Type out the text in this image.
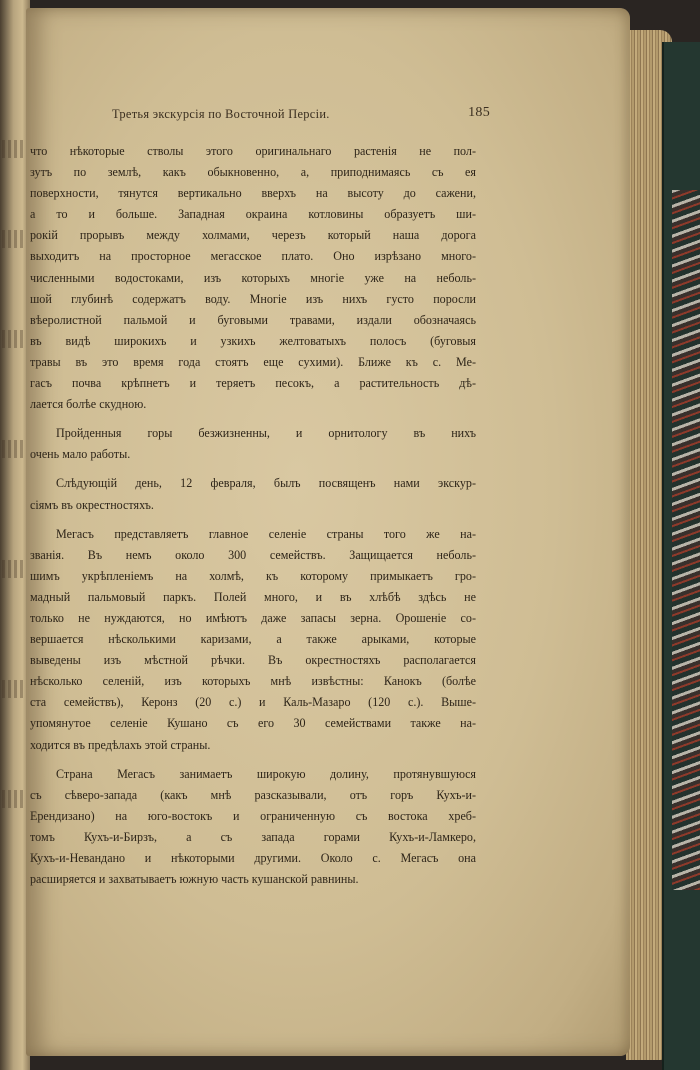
Третья экскурсія по Восточной Персіи.	185

что нѣкоторые стволы этого оригинальнаго растенія не пол-

зутъ по землѣ, какъ обыкновенно, а, приподнимаясь съ ея

поверхности, тянутся вертикально вверхъ на высоту до сажени,

а то и больше. Западная окраина котловины образуетъ ши-

рокій прорывъ между холмами, черезъ который наша дорога

выходитъ на просторное мегасское плато. Оно изрѣзано много-

численными водостоками, изъ которыхъ многіе уже на неболь-

шой глубинѣ содержатъ воду. Многіе изъ нихъ густо поросли

вѣеролистной пальмой и буговыми травами, издали обозначаясь

въ видѣ широкихъ и узкихъ желтоватыхъ полосъ (буговыя

травы въ это время года стоятъ еще сухими). Ближе къ с. Ме-

гасъ почва крѣпнетъ и теряетъ песокъ, а растительность дѣ-

лается болѣе скудною.

Пройденныя горы безжизненны, и орнитологу въ нихъ

очень мало работы.

Слѣдующій день, 12 февраля, былъ посвященъ нами экскур-

сіямъ въ окрестностяхъ.

Мегасъ представляетъ главное селеніе страны того же на-

званія. Въ немъ около 300 семействъ. Защищается неболь-

шимъ укрѣпленіемъ на холмѣ, къ которому примыкаетъ гро-

мадный пальмовый паркъ. Полей много, и въ хлѣбѣ здѣсь не

только не нуждаются, но имѣютъ даже запасы зерна. Орошеніе со-

вершается нѣсколькими каризами, а также арыками, которые

выведены изъ мѣстной рѣчки. Въ окрестностяхъ располагается

нѣсколько селеній, изъ которыхъ мнѣ извѣстны: Канокъ (болѣе

ста семействъ), Керонз (20 с.) и Каль-Мазаро (120 с.). Выше-

упомянутое селеніе Кушано съ его 30 семействами также на-

ходится въ предѣлахъ этой страны.

Страна Мегасъ занимаетъ широкую долину, протянувшуюся

съ сѣверо-запада (какъ мнѣ разсказывали, отъ горъ Кухъ-и-

Ерендизано) на юго-востокъ и ограниченную съ востока хреб-

томъ Кухъ-и-Бирзъ, а съ запада горами Кухъ-и-Ламкеро,

Кухъ-и-Невандано и нѣкоторыми другими. Около с. Мегасъ она

расширяется и захватываетъ южную часть кушанской равнины.
